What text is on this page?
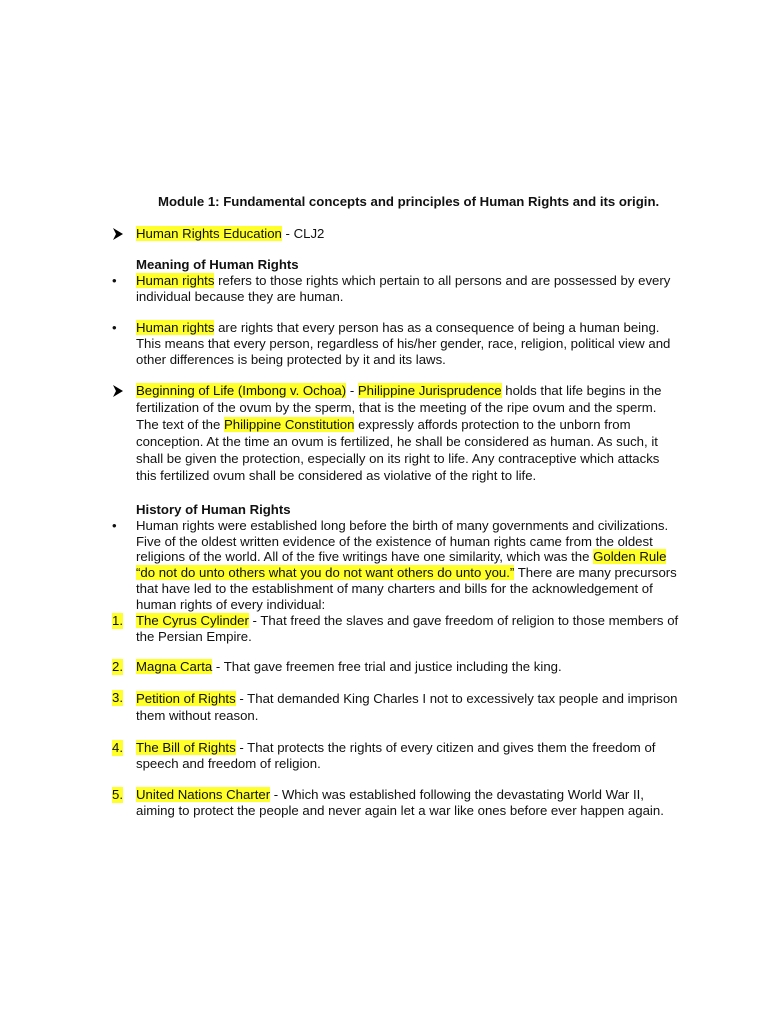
Module 1: Fundamental concepts and principles of Human Rights and its origin.
Human Rights Education - CLJ2
Meaning of Human Rights
• Human rights refers to those rights which pertain to all persons and are possessed by every individual because they are human.
• Human rights are rights that every person has as a consequence of being a human being. This means that every person, regardless of his/her gender, race, religion, political view and other differences is being protected by it and its laws.
Beginning of Life (Imbong v. Ochoa) - Philippine Jurisprudence holds that life begins in the fertilization of the ovum by the sperm, that is the meeting of the ripe ovum and the sperm. The text of the Philippine Constitution expressly affords protection to the unborn from conception. At the time an ovum is fertilized, he shall be considered as human. As such, it shall be given the protection, especially on its right to life. Any contraceptive which attacks this fertilized ovum shall be considered as violative of the right to life.
History of Human Rights
• Human rights were established long before the birth of many governments and civilizations. Five of the oldest written evidence of the existence of human rights came from the oldest religions of the world. All of the five writings have one similarity, which was the Golden Rule “do not do unto others what you do not want others do unto you.” There are many precursors that have led to the establishment of many charters and bills for the acknowledgement of human rights of every individual:
1. The Cyrus Cylinder - That freed the slaves and gave freedom of religion to those members of the Persian Empire.
2. Magna Carta - That gave freemen free trial and justice including the king.
3. Petition of Rights - That demanded King Charles I not to excessively tax people and imprison them without reason.
4. The Bill of Rights - That protects the rights of every citizen and gives them the freedom of speech and freedom of religion.
5. United Nations Charter - Which was established following the devastating World War II, aiming to protect the people and never again let a war like ones before ever happen again.
